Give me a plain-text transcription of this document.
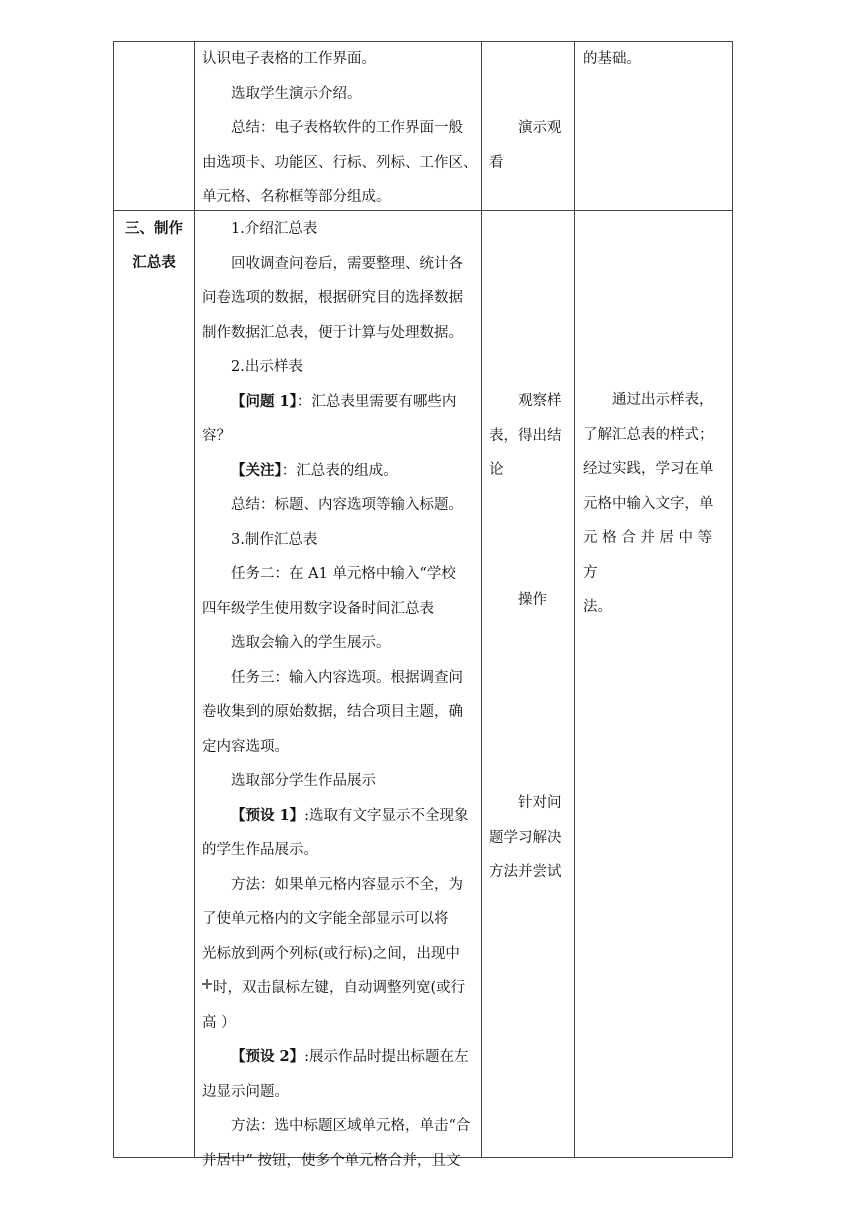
认识电子表格的工作界面。

选取学生演示介绍。

总结：电子表格软件的工作界面一般

由选项卡、功能区、行标、列标、工作区、

单元格、名称框等部分组成。

演示观

看

的基础。

三、制作
汇总表

1.介绍汇总表

回收调查问卷后，需要整理、统计各

问卷选项的数据，根据研究目的选择数据

制作数据汇总表，便于计算与处理数据。

2.出示样表

【问题 1】：汇总表里需要有哪些内

容？

【关注】：汇总表的组成。

总结：标题、内容选项等输入标题。

3.制作汇总表

任务二：在 A1 单元格中输入“学校

四年级学生使用数字设备时间汇总表

选取会输入的学生展示。

任务三：输入内容选项。根据调查问

卷收集到的原始数据，结合项目主题，确

定内容选项。

选取部分学生作品展示

【预设 1】:选取有文字显示不全现象

的学生作品展示。

方法：如果单元格内容显示不全，为

了使单元格内的文字能全部显示可以将

光标放到两个列标(或行标)之间，出现中

时，双击鼠标左键，自动调整列宽(或行

高 ）

【预设 2】:展示作品时提出标题在左

边显示问题。

方法：选中标题区域单元格，单击“合

并居中” 按钮，使多个单元格合并，且文

观察样

表，得出结

论

操作

针对问

题学习解决

方法并尝试

通过出示样表，

了解汇总表的样式；

经过实践，学习在单

元格中输入文字，单

元 格 合 并 居 中 等 方

法。
